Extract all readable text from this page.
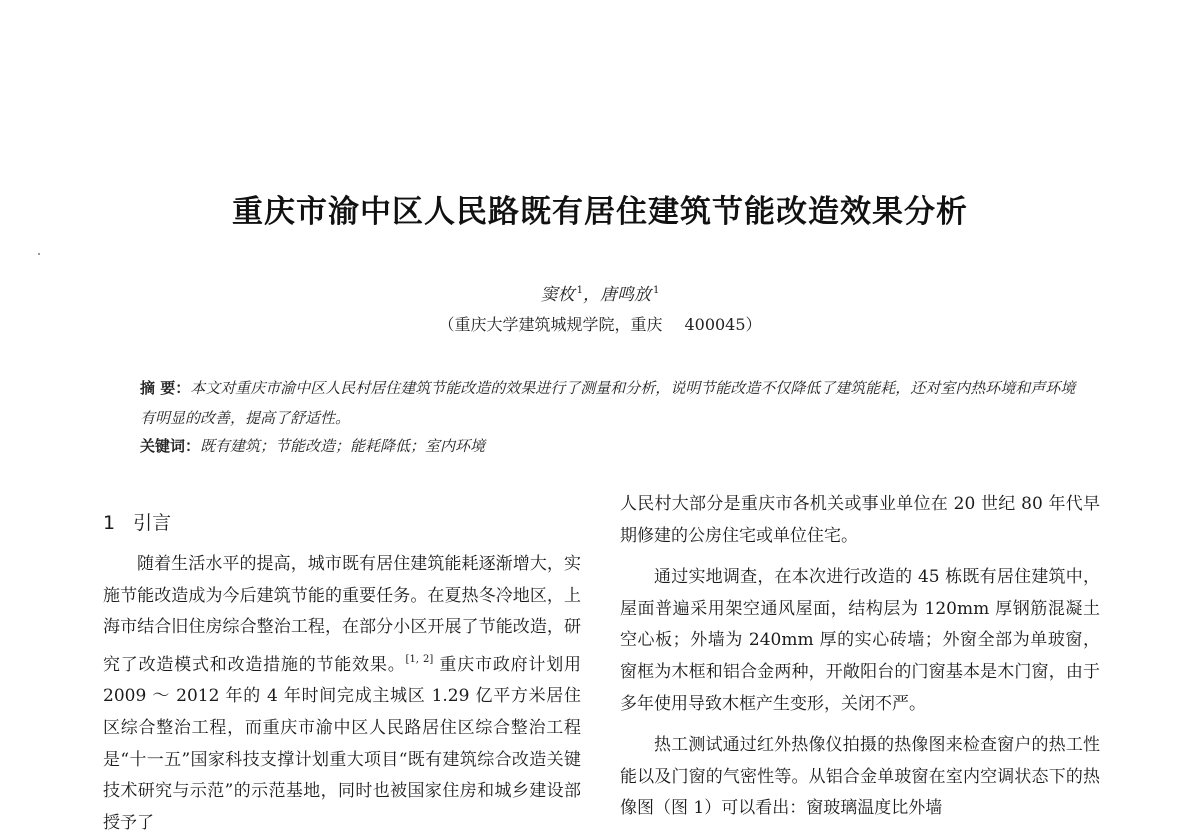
重庆市渝中区人民路既有居住建筑节能改造效果分析
窦枚 $^1$，唐鸣放 $^1$
（重庆大学建筑城规学院，重庆 400045）
摘 要：本文对重庆市渝中区人民村居住建筑节能改造的效果进行了测量和分析，说明节能改造不仅降低了建筑能耗，还对室内热环境和声环境有明显的改善，提高了舒适性。
关键词：既有建筑；节能改造；能耗降低；室内环境
1 引言

随着生活水平的提高，城市既有居住建筑能耗逐渐增大，实施节能改造成为今后建筑节能的重要任务。在夏热冬冷地区，上海市结合旧住房综合整治工程，在部分小区开展了节能改造，研究了改造模式和改造措施的节能效果。[1, 2] 重庆市政府计划用 2009 ～ 2012 年的 4 年时间完成主城区 1.29 亿平方米居住区综合整治工程，而重庆市渝中区人民路居住区综合整治工程是“十一五”国家科技支撑计划重大项目“既有建筑综合改造关键技术研究与示范”的示范基地，同时也被国家住房和城乡建设部授予了

人民村大部分是重庆市各机关或事业单位在 20 世纪 80 年代早期修建的公房住宅或单位住宅。

通过实地调查，在本次进行改造的 45 栋既有居住建筑中，屋面普遍采用架空通风屋面，结构层为 120mm 厚钢筋混凝土空心板；外墙为 240mm 厚的实心砖墙；外窗全部为单玻窗，窗框为木框和铝合金两种，开敞阳台的门窗基本是木门窗，由于多年使用导致木框产生变形，关闭不严。

热工测试通过红外热像仪拍摄的热像图来检查窗户的热工性能以及门窗的气密性等。从铝合金单玻窗在室内空调状态下的热像图（图 1）可以看出：窗玻璃温度比外墙
